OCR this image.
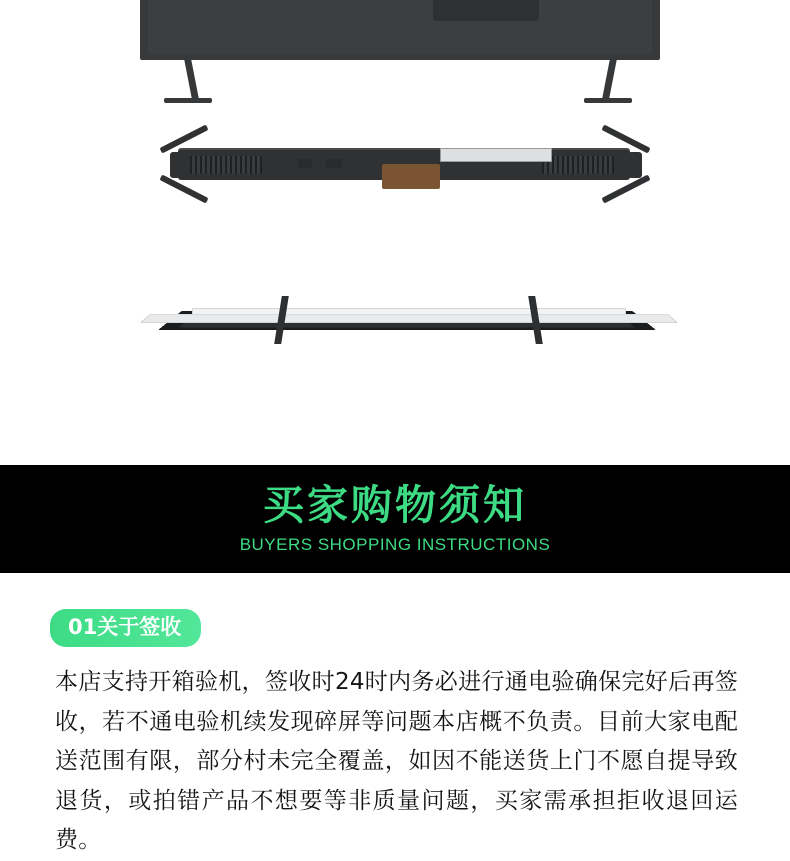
买家购物须知
BUYERS SHOPPING INSTRUCTIONS
01关于签收

本店支持开箱验机，签收时24时内务必进行通电验确保完好后再签收，若不通电验机续发现碎屏等问题本店概不负责。目前大家电配送范围有限，部分村未完全覆盖，如因不能送货上门不愿自提导致退货，或拍错产品不想要等非质量问题，买家需承担拒收退回运费。
